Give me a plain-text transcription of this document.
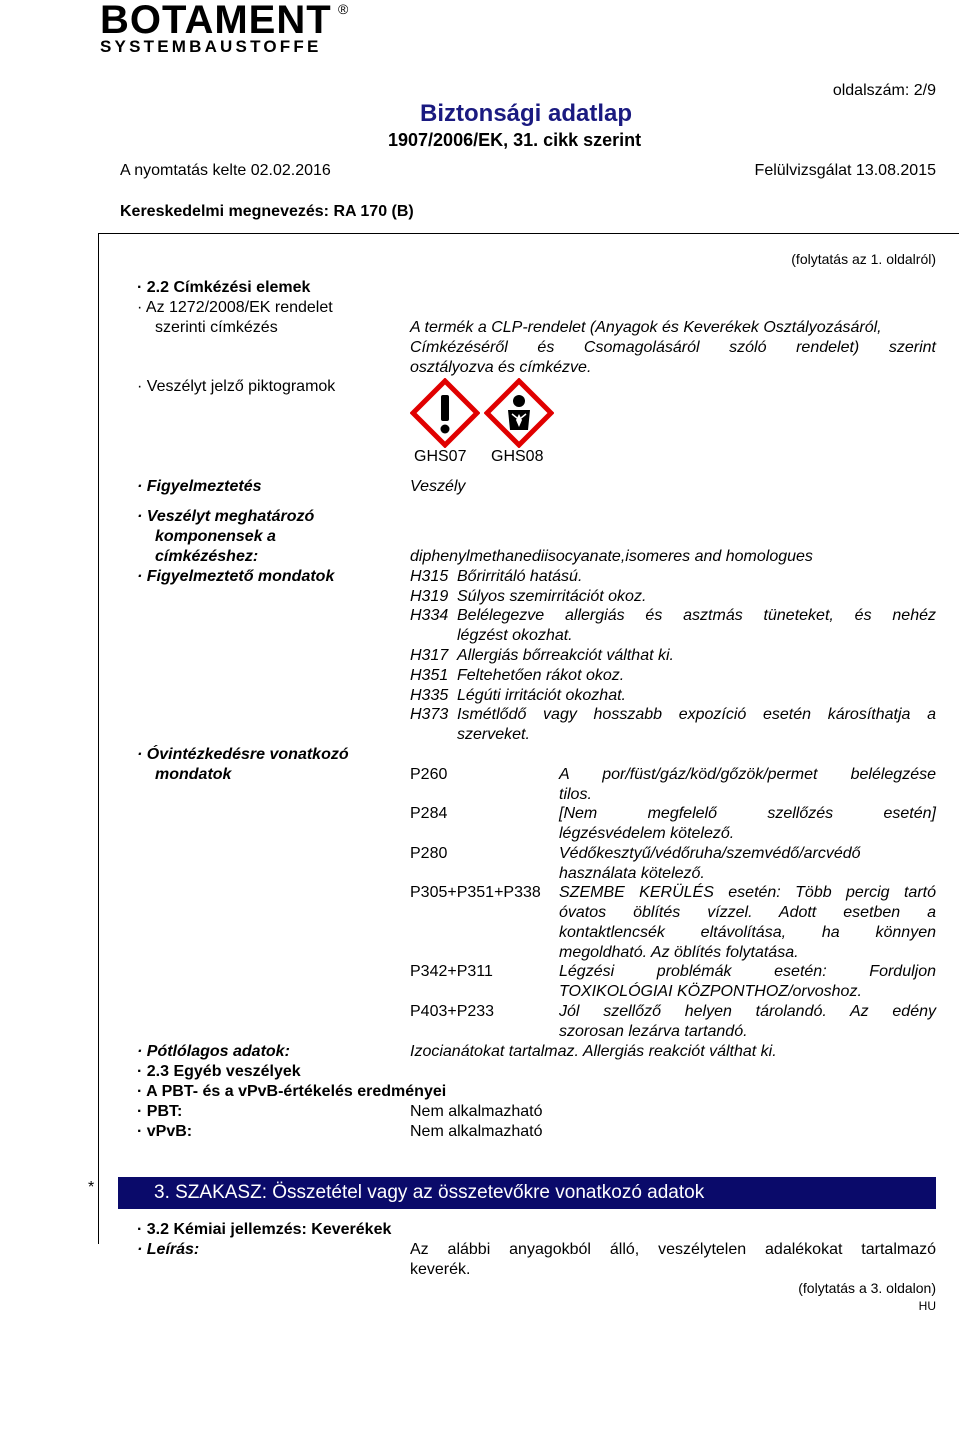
BOTAMENT ®
SYSTEMBAUSTOFFE
oldalszám: 2/9
Biztonsági adatlap
1907/2006/EK, 31. cikk szerint
A nyomtatás kelte 02.02.2016	Felülvizsgálat 13.08.2015
Kereskedelmi megnevezés: RA 170 (B)
(folytatás az 1. oldalról)
· 2.2 Címkézési elemek
· Az 1272/2008/EK rendelet
szerinti címkézés	A termék a CLP-rendelet (Anyagok és Keverékek Osztályozásáról,
Címkézéséről és Csomagolásáról szóló rendelet) szerint
osztályozva és címkézve.
· Veszélyt jelző piktogramok
GHS07 GHS08
· Figyelmeztetés	Veszély
· Veszélyt meghatározó
komponensek a
címkézéshez:	diphenylmethanediisocyanate,isomeres and homologues
· Figyelmeztető mondatok	H315 Bőrirritáló hatású.
H319 Súlyos szemirritációt okoz.
H334 Belélegezve allergiás és asztmás tüneteket, és nehéz
légzést okozhat.
H317 Allergiás bőrreakciót válthat ki.
H351 Feltehetően rákot okoz.
H335 Légúti irritációt okozhat.
H373 Ismétlődő vagy hosszabb expozíció esetén károsíthatja a
szerveket.
· Óvintézkedésre vonatkozó
mondatok	P260	A por/füst/gáz/köd/gőzök/permet belélegzése
tilos.
P284	[Nem megfelelő szellőzés esetén]
légzésvédelem kötelező.
P280	Védőkesztyű/védőruha/szemvédő/arcvédő
használata kötelező.
P305+P351+P338 SZEMBE KERÜLÉS esetén: Több percig tartó
óvatos öblítés vízzel. Adott esetben a
kontaktlencsék eltávolítása, ha könnyen
megoldható. Az öblítés folytatása.
P342+P311	Légzési problémák esetén: Forduljon
TOXIKOLÓGIAI KÖZPONTHOZ/orvoshoz.
P403+P233	Jól szellőző helyen tárolandó. Az edény
szorosan lezárva tartandó.
· Pótlólagos adatok:	Izocianátokat tartalmaz. Allergiás reakciót válthat ki.
· 2.3 Egyéb veszélyek
· A PBT- és a vPvB-értékelés eredményei
· PBT:	Nem alkalmazható
· vPvB:	Nem alkalmazható
*	3. SZAKASZ: Összetétel vagy az összetevőkre vonatkozó adatok
· 3.2 Kémiai jellemzés: Keverékek
· Leírás:	Az alábbi anyagokból álló, veszélytelen adalékokat tartalmazó
keverék.
(folytatás a 3. oldalon)
HU
